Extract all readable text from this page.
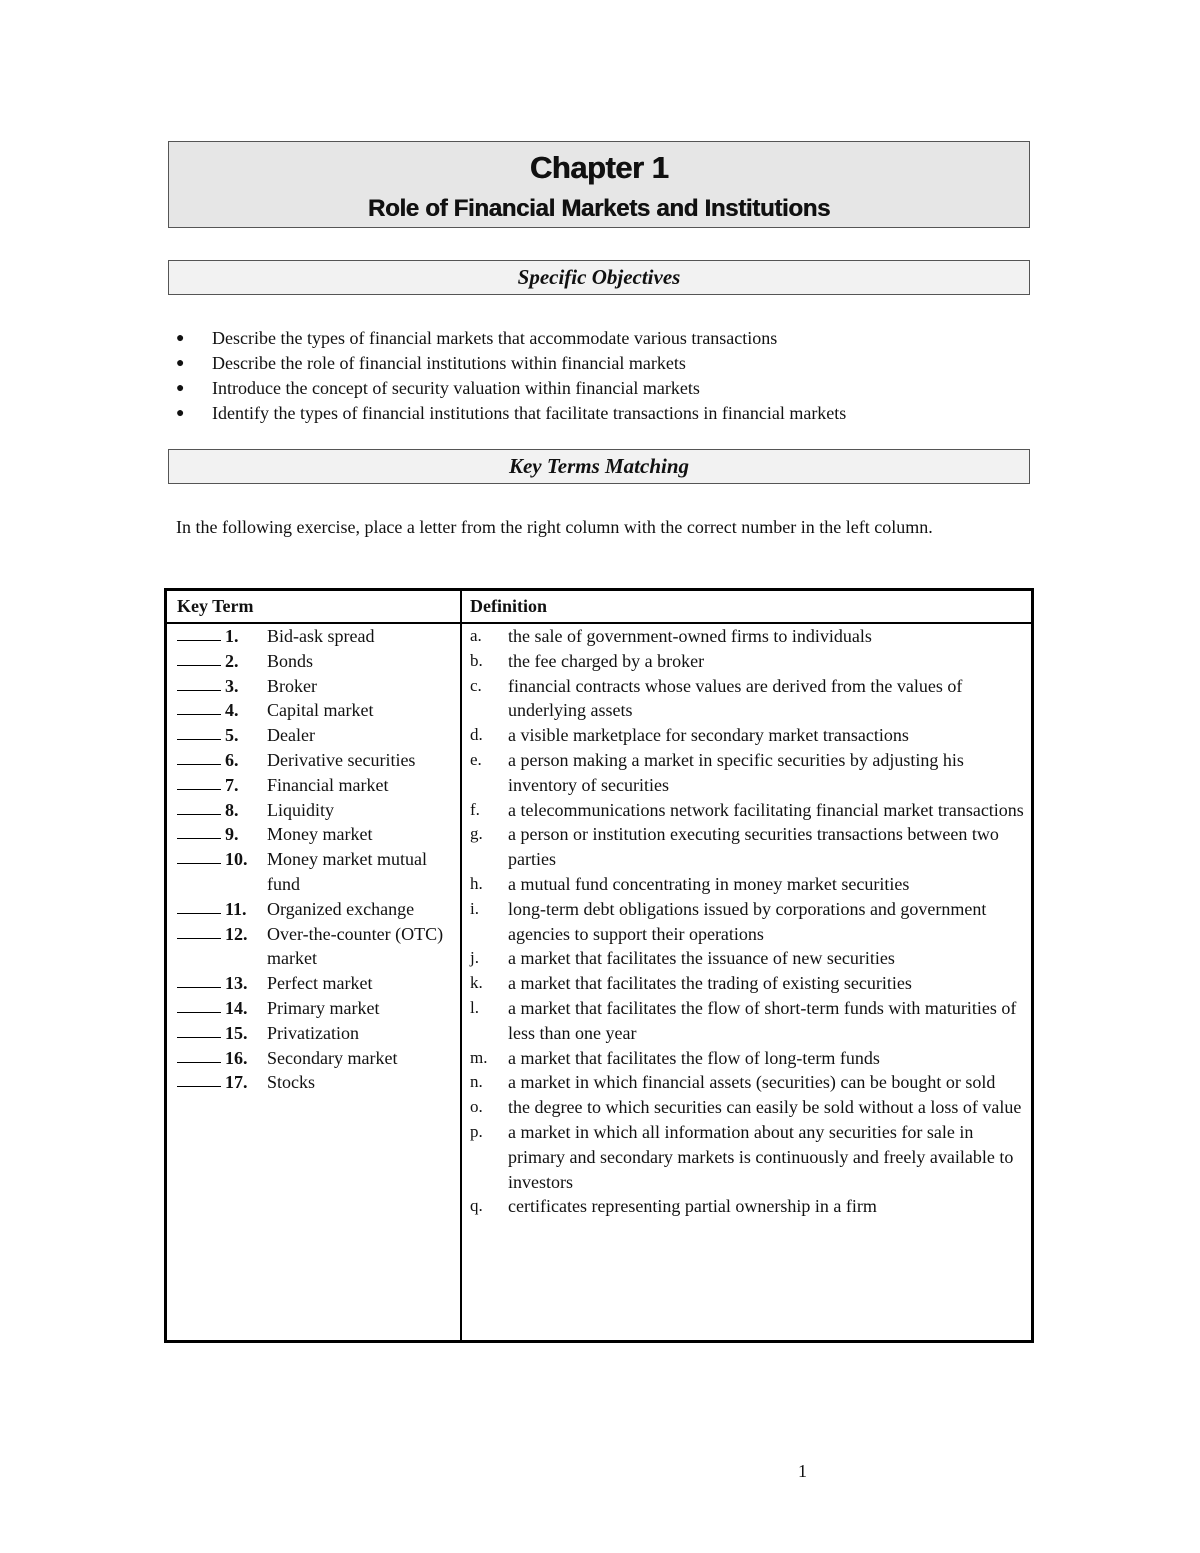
Chapter 1
Role of Financial Markets and Institutions
Specific Objectives
● Describe the types of financial markets that accommodate various transactions
● Describe the role of financial institutions within financial markets
● Introduce the concept of security valuation within financial markets
● Identify the types of financial institutions that facilitate transactions in financial markets
Key Terms Matching
In the following exercise, place a letter from the right column with the correct number in the left column.
Key Term	Definition
1. Bid-ask spread
2. Bonds
3. Broker
4. Capital market
5. Dealer
6. Derivative securities
7. Financial market
8. Liquidity
9. Money market
10. Money market mutual fund
11. Organized exchange
12. Over-the-counter (OTC) market
13. Perfect market
14. Primary market
15. Privatization
16. Secondary market
17. Stocks
a. the sale of government-owned firms to individuals
b. the fee charged by a broker
c. financial contracts whose values are derived from the values of underlying assets
d. a visible marketplace for secondary market transactions
e. a person making a market in specific securities by adjusting his inventory of securities
f. a telecommunications network facilitating financial market transactions
g. a person or institution executing securities transactions between two parties
h. a mutual fund concentrating in money market securities
i. long-term debt obligations issued by corporations and government agencies to support their operations
j. a market that facilitates the issuance of new securities
k. a market that facilitates the trading of existing securities
l. a market that facilitates the flow of short-term funds with maturities of less than one year
m. a market that facilitates the flow of long-term funds
n. a market in which financial assets (securities) can be bought or sold
o. the degree to which securities can easily be sold without a loss of value
p. a market in which all information about any securities for sale in primary and secondary markets is continuously and freely available to investors
q. certificates representing partial ownership in a firm
1
